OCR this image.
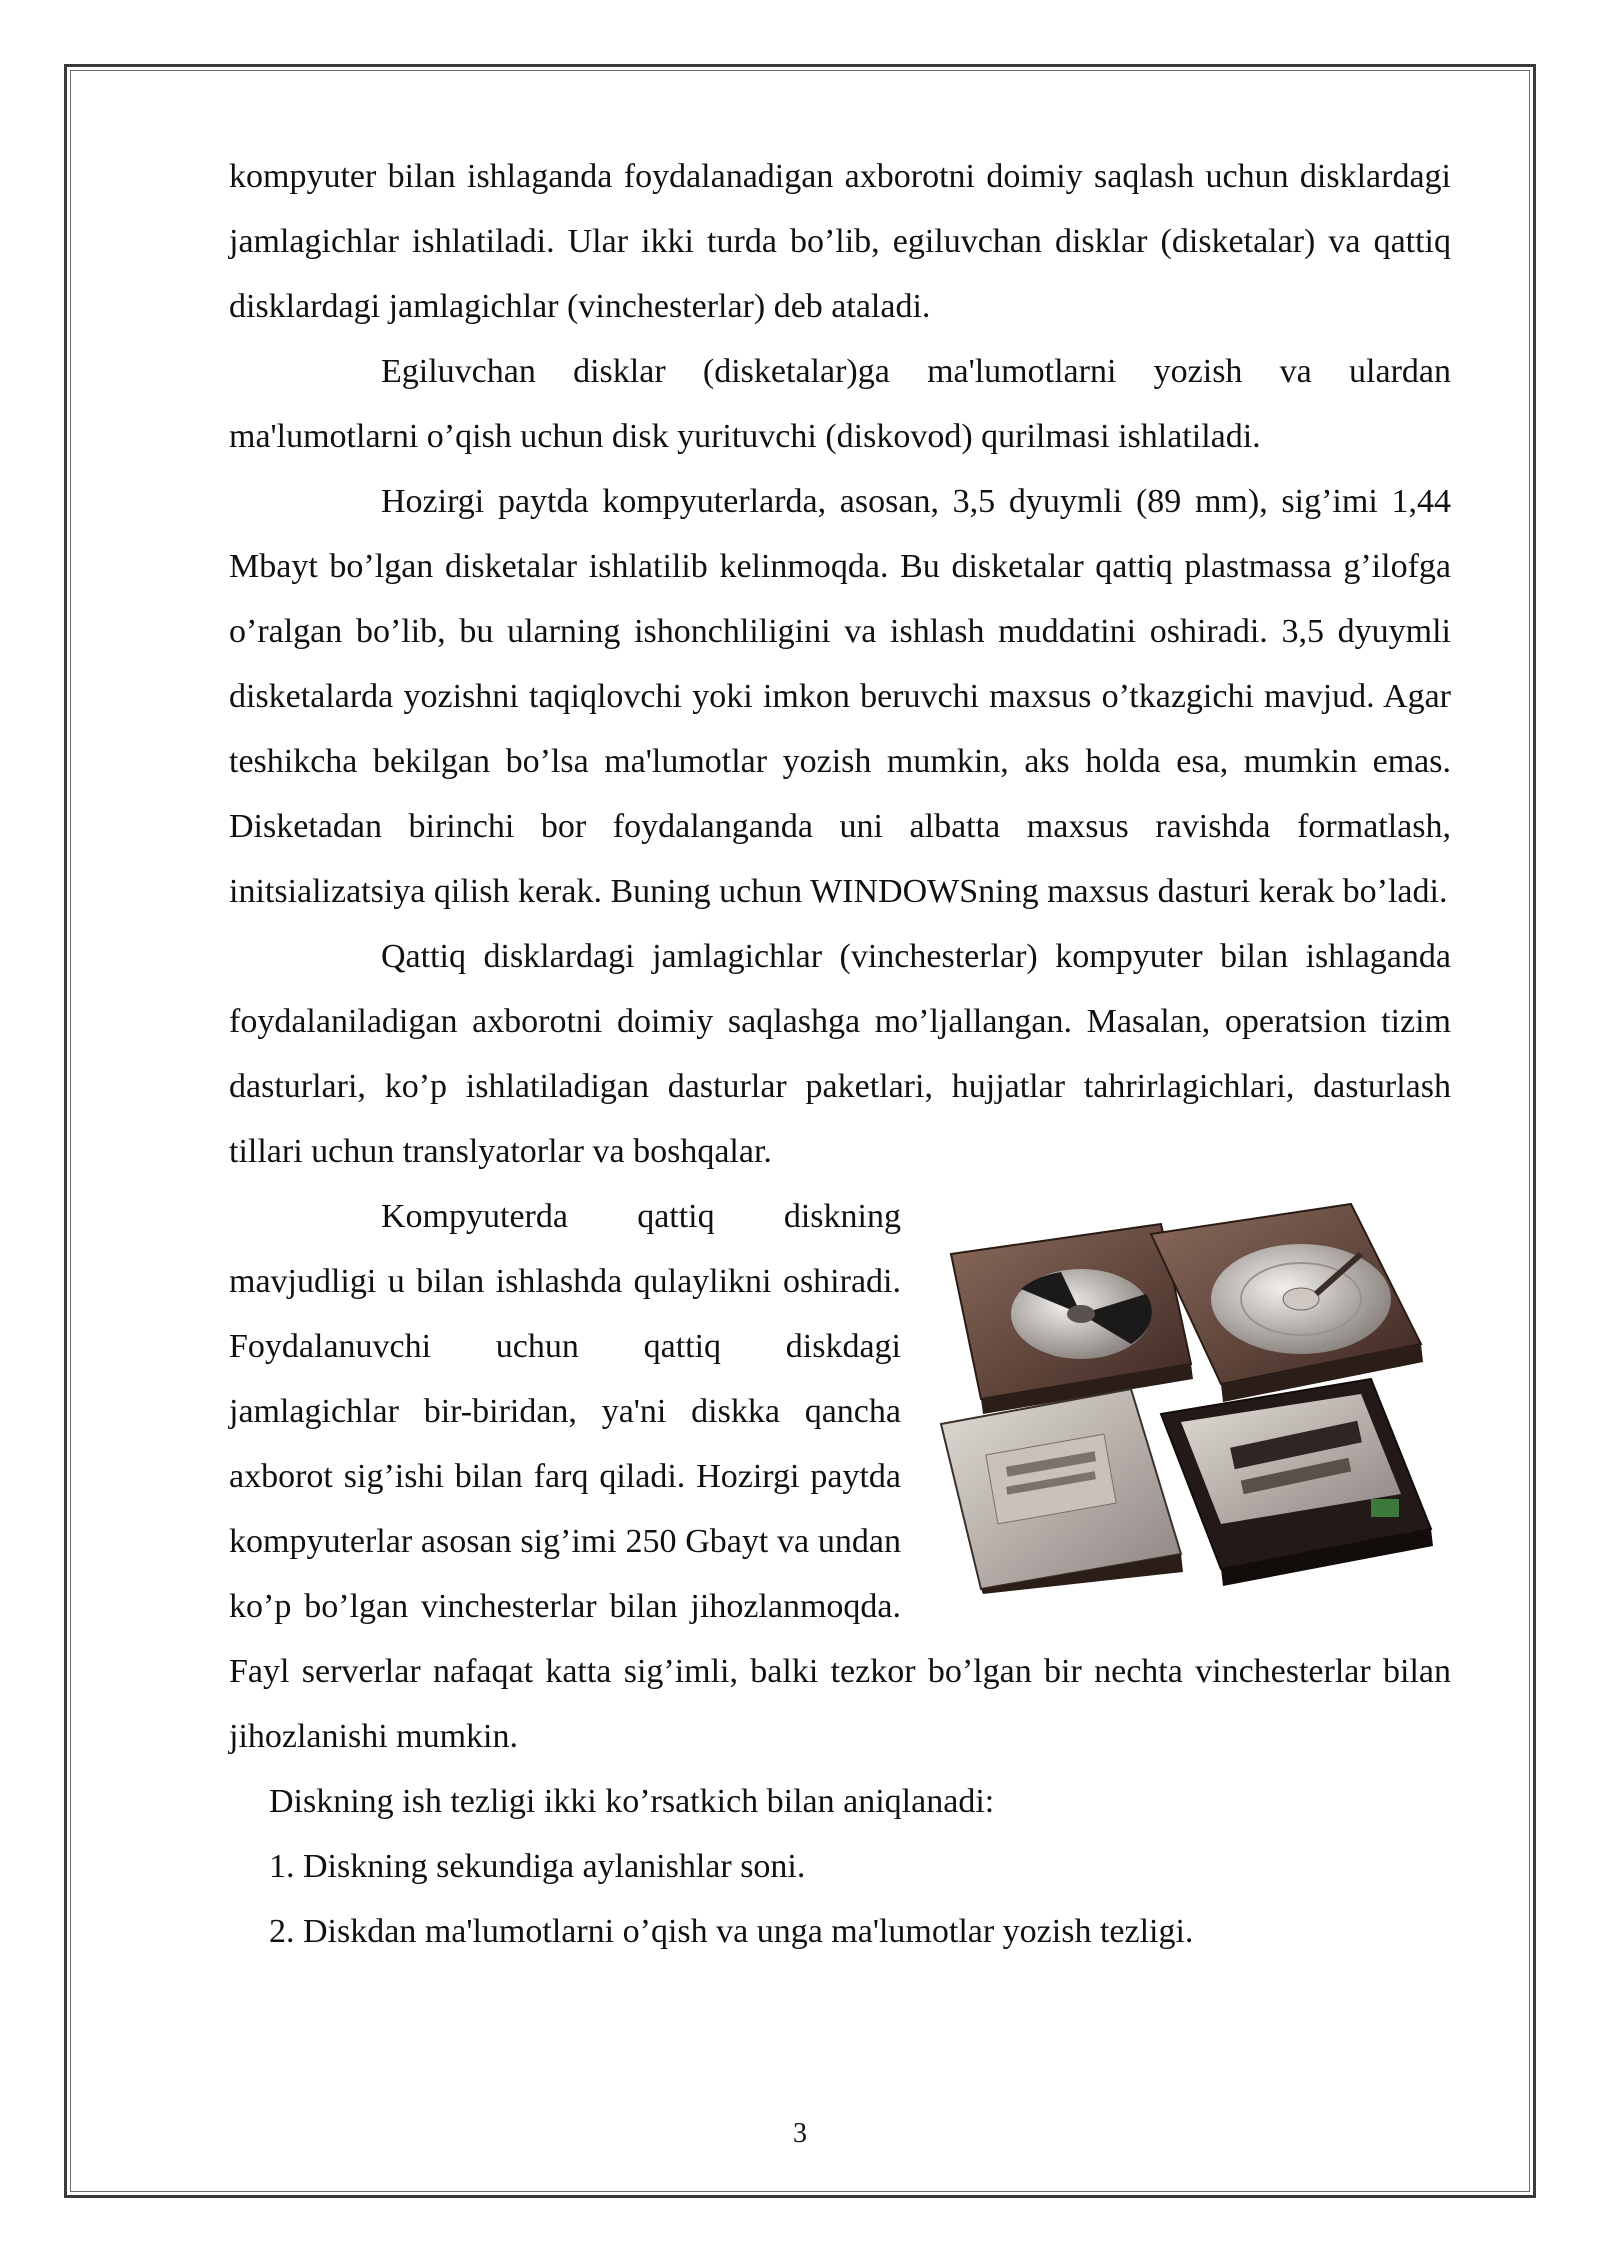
kompyuter bilan ishlaganda foydalanadigan axborotni doimiy saqlash uchun disklardagi jamlagichlar ishlatiladi. Ular ikki turda bo’lib, egiluvchan disklar (disketalar) va qattiq disklardagi jamlagichlar (vinchesterlar) deb ataladi.

Egiluvchan disklar (disketalar)ga ma'lumotlarni yozish va ulardan ma'lumotlarni o’qish uchun disk yurituvchi (diskovod) qurilmasi ishlatiladi.

Hozirgi paytda kompyuterlarda, asosan, 3,5 dyuymli (89 mm), sig’imi 1,44 Mbayt bo’lgan disketalar ishlatilib kelinmoqda. Bu disketalar qattiq plastmassa g’ilofga o’ralgan bo’lib, bu ularning ishonchliligini va ishlash muddatini oshiradi. 3,5 dyuymli disketalarda yozishni taqiqlovchi yoki imkon beruvchi maxsus o’tkazgichi mavjud. Agar teshikcha bekilgan bo’lsa ma'lumotlar yozish mumkin, aks holda esa, mumkin emas. Disketadan birinchi bor foydalanganda uni albatta maxsus ravishda formatlash, initsializatsiya qilish kerak. Buning uchun WINDOWSning maxsus dasturi kerak bo’ladi.

Qattiq disklardagi jamlagichlar (vinchesterlar) kompyuter bilan ishlaganda foydalaniladigan axborotni doimiy saqlashga mo’ljallangan. Masalan, operatsion tizim dasturlari, ko’p ishlatiladigan dasturlar paketlari, hujjatlar tahrirlagichlari, dasturlash tillari uchun translyatorlar va boshqalar.

Kompyuterda qattiq diskning mavjudligi u bilan ishlashda qulaylikni oshiradi. Foydalanuvchi uchun qattiq diskdagi jamlagichlar bir-biridan, ya'ni diskka qancha axborot sig’ishi bilan farq qiladi. Hozirgi paytda kompyuterlar asosan sig’imi 250 Gbayt va undan ko’p bo’lgan vinchesterlar bilan jihozlanmoqda. Fayl serverlar nafaqat katta sig’imli, balki tezkor bo’lgan bir nechta vinchesterlar bilan jihozlanishi mumkin.

Diskning ish tezligi ikki ko’rsatkich bilan aniqlanadi:

1. Diskning sekundiga aylanishlar soni.

2. Diskdan ma'lumotlarni o’qish va unga ma'lumotlar yozish tezligi.

3
